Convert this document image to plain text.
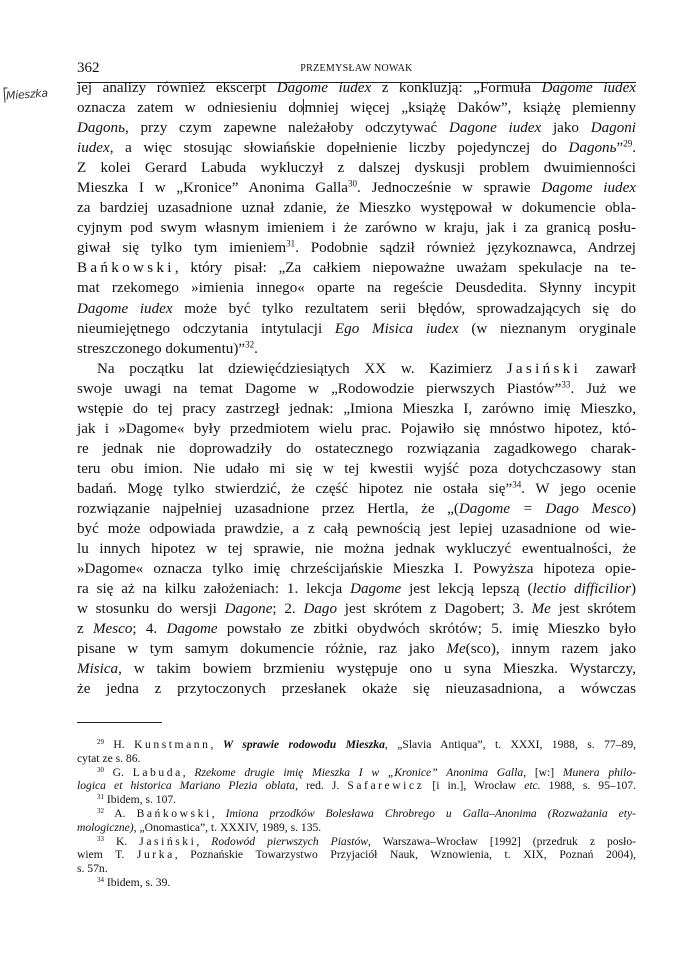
362	PRZEMYSŁAW NOWAK
Mieszka jej analizy również ekscerpt Dagome iudex z konkluzją: „Formuła Dagome iudex
oznacza zatem w odniesieniu domniej więcej „książę Daków”, książę plemienny
Dagonь, przy czym zapewne należałoby odczytywać Dagone iudex jako Dagoni
iudex, a więc stosując słowiańskie dopełnienie liczby pojedynczej do Dagonь”$^{29}$.
Z kolei Gerard Labuda wykluczył z dalszej dyskusji problem dwuimienności
Mieszka I w „Kronice” Anonima Galla$^{30}$. Jednocześnie w sprawie Dagome iudex
za bardziej uzasadnione uznał zdanie, że Mieszko występował w dokumencie obla-
cyjnym pod swym własnym imieniem i że zarówno w kraju, jak i za granicą posłu-
giwał się tylko tym imieniem$^{31}$. Podobnie sądził również językoznawca, Andrzej
Bańkowski, który pisał: „Za całkiem niepoważne uważam spekulacje na te-
mat rzekomego »imienia innego« oparte na regeście Deusdedita. Słynny incypit
Dagome iudex może być tylko rezultatem serii błędów, sprowadzających się do
nieumiejętnego odczytania intytulacji Ego Misica iudex (w nieznanym oryginale
streszczonego dokumentu)”$^{32}$.
Na początku lat dziewięćdziesiątych XX w. Kazimierz Jasiński zawarł
swoje uwagi na temat Dagome w „Rodowodzie pierwszych Piastów”$^{33}$. Już we
wstępie do tej pracy zastrzegł jednak: „Imiona Mieszka I, zarówno imię Mieszko,
jak i »Dagome« były przedmiotem wielu prac. Pojawiło się mnóstwo hipotez, któ-
re jednak nie doprowadziły do ostatecznego rozwiązania zagadkowego charak-
teru obu imion. Nie udało mi się w tej kwestii wyjść poza dotychczasowy stan
badań. Mogę tylko stwierdzić, że część hipotez nie ostała się”$^{34}$. W jego ocenie
rozwiązanie najpełniej uzasadnione przez Hertla, że „(Dagome = Dago Mesco)
być może odpowiada prawdzie, a z całą pewnością jest lepiej uzasadnione od wie-
lu innych hipotez w tej sprawie, nie można jednak wykluczyć ewentualności, że
»Dagome« oznacza tylko imię chrześcijańskie Mieszka I. Powyższa hipoteza opie-
ra się aż na kilku założeniach: 1. lekcja Dagome jest lekcją lepszą (lectio difficilior)
w stosunku do wersji Dagone; 2. Dago jest skrótem z Dagobert; 3. Me jest skrótem
z Mesco; 4. Dagome powstało ze zbitki obydwóch skrótów; 5. imię Mieszko było
pisane w tym samym dokumencie różnie, raz jako Me(sco), innym razem jako
Misica, w takim bowiem brzmieniu występuje ono u syna Mieszka. Wystarczy,
że jedna z przytoczonych przesłanek okaże się nieuzasadniona, a wówczas
$^{29}$ H. Kunstmann, W sprawie rodowodu Mieszka, „Slavia Antiqua”, t. XXXI, 1988, s. 77–89,
cytat ze s. 86.
$^{30}$ G. Labuda, Rzekome drugie imię Mieszka I w „Kronice” Anonima Galla, [w:] Munera philo-
logica et historica Mariano Plezia oblata, red. J. Safarewicz [i in.], Wrocław etc. 1988, s. 95–107.
$^{31}$ Ibidem, s. 107.
$^{32}$ A. Bańkowski, Imiona przodków Bolesława Chrobrego u Galla–Anonima (Rozważania ety-
mologiczne), „Onomastica”, t. XXXIV, 1989, s. 135.
$^{33}$ K. Jasiński, Rodowód pierwszych Piastów, Warszawa–Wrocław [1992] (przedruk z posło-
wiem T. Jurka, Poznańskie Towarzystwo Przyjaciół Nauk, Wznowienia, t. XIX, Poznań 2004),
s. 57n.
$^{34}$ Ibidem, s. 39.
